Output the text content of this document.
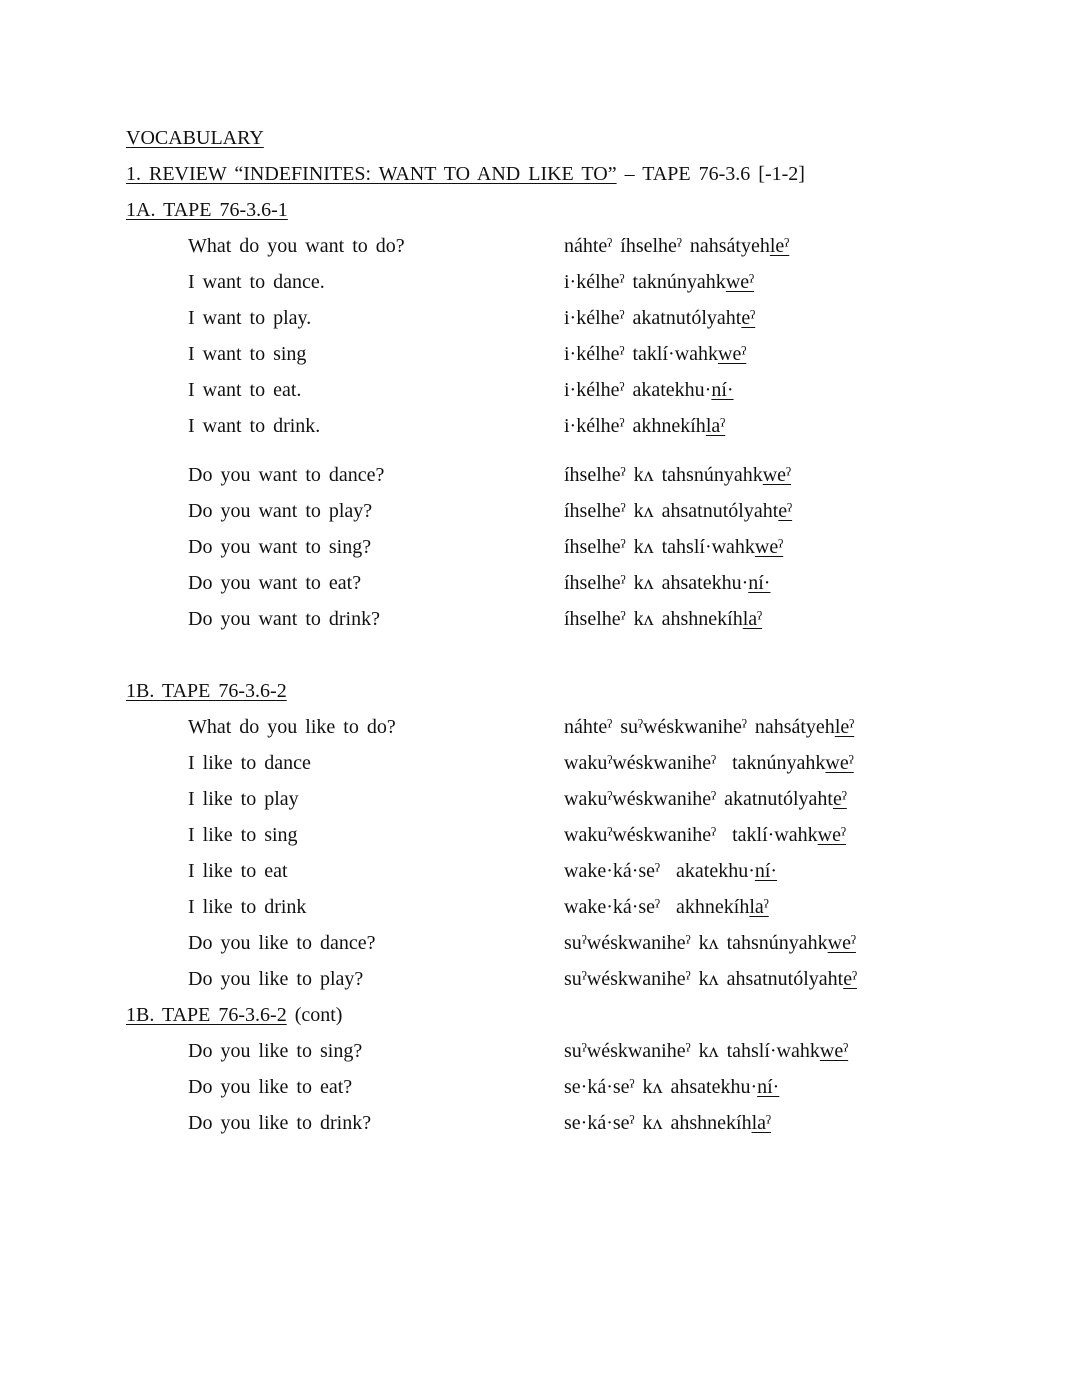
VOCABULARY
1. REVIEW “INDEFINITES: WANT TO AND LIKE TO” – TAPE 76-3.6 [-1-2]
1A. TAPE 76-3.6-1
What do you want to do?	náhteˀ íhselheˀ nahsátyehleˀ
I want to dance.	i·kélheˀ taknúnyahkweˀ
I want to play.	i·kélheˀ akatnutólyahteˀ
I want to sing	i·kélheˀ taklí·wahkweˀ
I want to eat.	i·kélheˀ akatekhu·ní·
I want to drink.	i·kélheˀ akhnekíhlaˀ
Do you want to dance?	íhselheˀ kʌ tahsnúnyahkweˀ
Do you want to play?	íhselheˀ kʌ ahsatnutólyahteˀ
Do you want to sing?	íhselheˀ kʌ tahslí·wahkweˀ
Do you want to eat?	íhselheˀ kʌ ahsatekhu·ní·
Do you want to drink?	íhselheˀ kʌ ahshnekíhlaˀ
1B. TAPE 76-3.6-2
What do you like to do?	náhteˀ suˀwéskwaniheˀ nahsátyehleˀ
I like to dance	wakuˀwéskwaniheˀ  taknúnyahkweˀ
I like to play	wakuˀwéskwaniheˀ akatnutólyahteˀ
I like to sing	wakuˀwéskwaniheˀ  taklí·wahkweˀ
I like to eat	wake·ká·seˀ  akatekhu·ní·
I like to drink	wake·ká·seˀ  akhnekíhlaˀ
Do you like to dance?	suˀwéskwaniheˀ kʌ tahsnúnyahkweˀ
Do you like to play?	suˀwéskwaniheˀ kʌ ahsatnutólyahteˀ
1B. TAPE 76-3.6-2 (cont)
Do you like to sing?	suˀwéskwaniheˀ kʌ tahslí·wahkweˀ
Do you like to eat?	se·ká·seˀ kʌ ahsatekhu·ní·
Do you like to drink?	se·ká·seˀ kʌ ahshnekíhlaˀ
